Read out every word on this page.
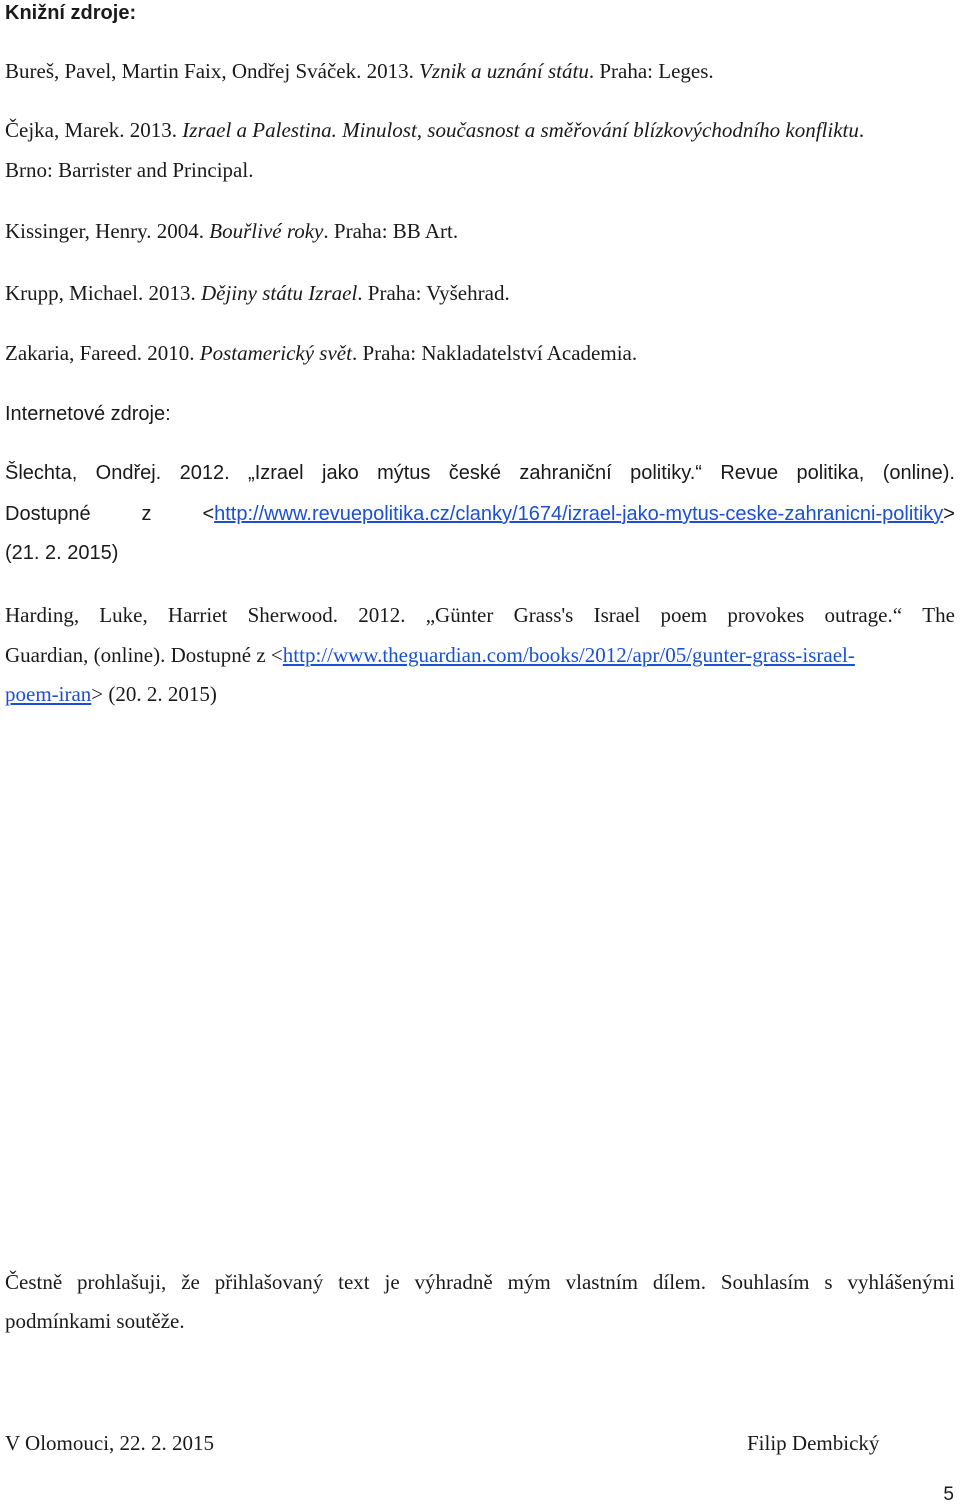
Knižní zdroje:
Bureš, Pavel, Martin Faix, Ondřej Sváček. 2013. Vznik a uznání státu. Praha: Leges.
Čejka, Marek. 2013. Izrael a Palestina. Minulost, současnost a směřování blízkovýchodního konfliktu.
Brno: Barrister and Principal.
Kissinger, Henry. 2004. Bouřlivé roky. Praha: BB Art.
Krupp, Michael. 2013. Dějiny státu Izrael. Praha: Vyšehrad.
Zakaria, Fareed. 2010. Postamerický svět. Praha: Nakladatelství Academia.
Internetové zdroje:
Šlechta, Ondřej. 2012. „Izrael jako mýtus české zahraniční politiky.“ Revue politika, (online).
Dostupné	z	<http://www.revuepolitika.cz/clanky/1674/izrael-jako-mytus-ceske-zahranicni-politiky>
(21. 2. 2015)
Harding, Luke, Harriet Sherwood. 2012. „Günter Grass's Israel poem provokes outrage.“ The
Guardian, (online). Dostupné z <http://www.theguardian.com/books/2012/apr/05/gunter-grass-israel-
poem-iran> (20. 2. 2015)
Čestně prohlašuji, že přihlašovaný text je výhradně mým vlastním dílem. Souhlasím s vyhlášenými
podmínkami soutěže.
V Olomouci, 22. 2. 2015	Filip Dembický
5
